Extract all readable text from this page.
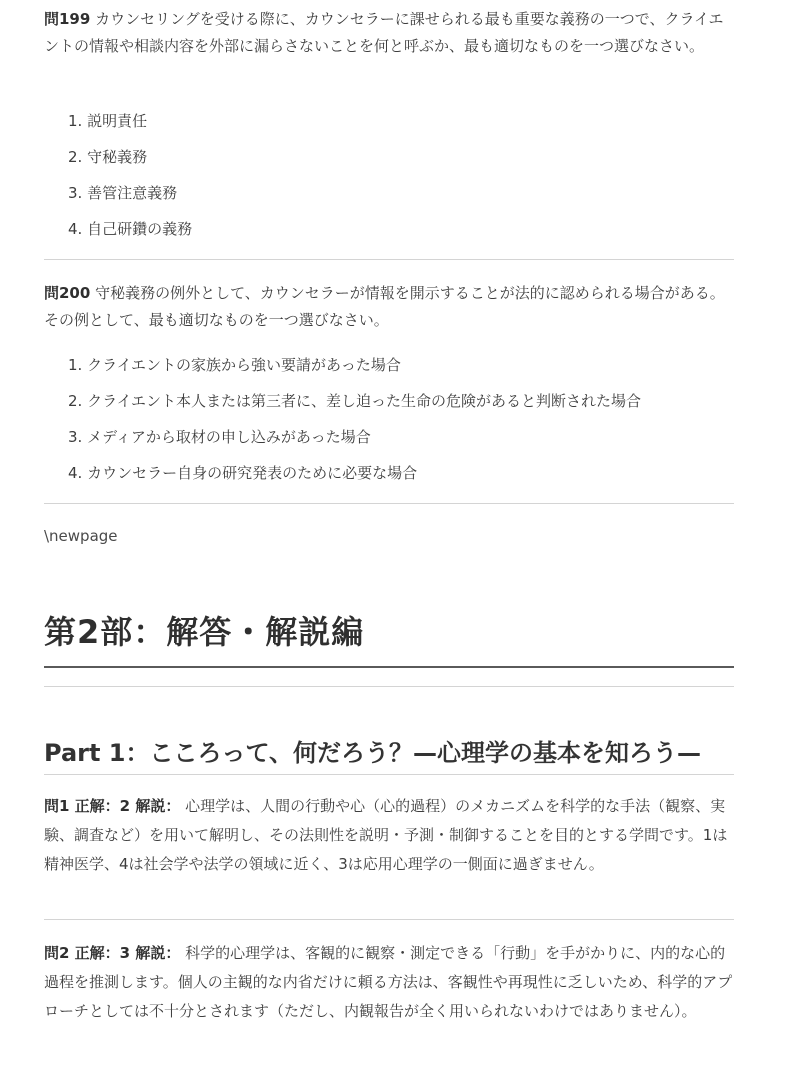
問199 カウンセリングを受ける際に、カウンセラーに課せられる最も重要な義務の一つで、クライエントの情報や相談内容を外部に漏らさないことを何と呼ぶか、最も適切なものを一つ選びなさい。
1. 説明責任
2. 守秘義務
3. 善管注意義務
4. 自己研鑽の義務
問200 守秘義務の例外として、カウンセラーが情報を開示することが法的に認められる場合がある。その例として、最も適切なものを一つ選びなさい。
1. クライエントの家族から強い要請があった場合
2. クライエント本人または第三者に、差し迫った生命の危険があると判断された場合
3. メディアから取材の申し込みがあった場合
4. カウンセラー自身の研究発表のために必要な場合
\newpage
第2部：解答・解説編
Part 1：こころって、何だろう？—心理学の基本を知ろう—
問1 正解：2 解説： 心理学は、人間の行動や心（心的過程）のメカニズムを科学的な手法（観察、実験、調査など）を用いて解明し、その法則性を説明・予測・制御することを目的とする学問です。1は精神医学、4は社会学や法学の領域に近く、3は応用心理学の一側面に過ぎません。
問2 正解：3 解説： 科学的心理学は、客観的に観察・測定できる「行動」を手がかりに、内的な心的過程を推測します。個人の主観的な内省だけに頼る方法は、客観性や再現性に乏しいため、科学的アプローチとしては不十分とされます（ただし、内観報告が全く用いられないわけではありません）。
